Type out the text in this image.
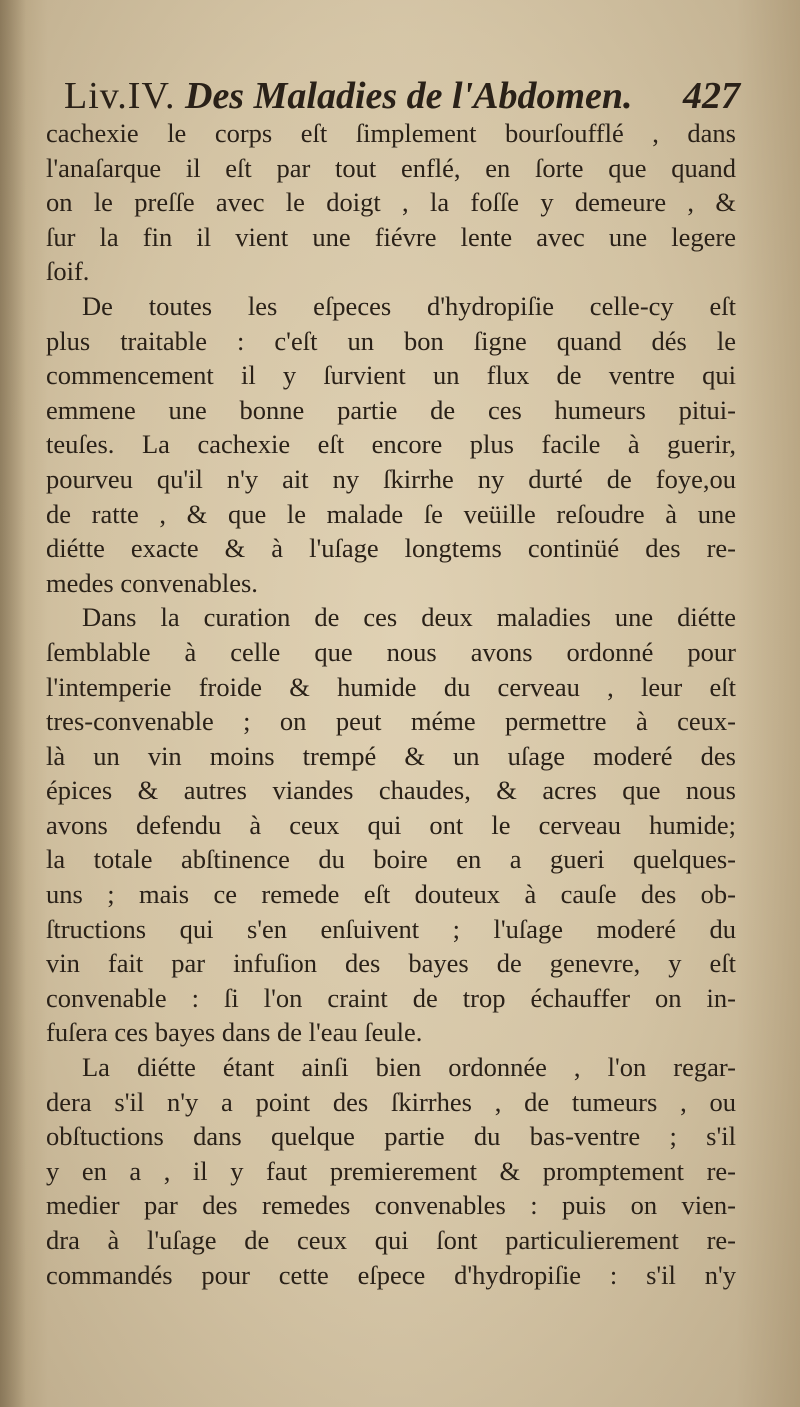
Liv.IV. Des Maladies de l'Abdomen. 427
cachexie le corps eſt ſimplement bourſoufflé , dans
l'anaſarque il eſt par tout enflé, en ſorte que quand
on le preſſe avec le doigt , la foſſe y demeure , &
ſur la fin il vient une fiévre lente avec une legere
ſoif.
De toutes les eſpeces d'hydropiſie celle-cy eſt
plus traitable : c'eſt un bon ſigne quand dés le
commencement il y ſurvient un flux de ventre qui
emmene une bonne partie de ces humeurs pitui-
teuſes. La cachexie eſt encore plus facile à guerir,
pourveu qu'il n'y ait ny ſkirrhe ny durté de foye,ou
de ratte , & que le malade ſe veüille reſoudre à une
diétte exacte & à l'uſage longtems continüé des re-
medes convenables.
Dans la curation de ces deux maladies une diétte
ſemblable à celle que nous avons ordonné pour
l'intemperie froide & humide du cerveau , leur eſt
tres-convenable ; on peut méme permettre à ceux-
là un vin moins trempé & un uſage moderé des
épices & autres viandes chaudes, & acres que nous
avons defendu à ceux qui ont le cerveau humide;
la totale abſtinence du boire en a gueri quelques-
uns ; mais ce remede eſt douteux à cauſe des ob-
ſtructions qui s'en enſuivent ; l'uſage moderé du
vin fait par infuſion des bayes de genevre, y eſt
convenable : ſi l'on craint de trop échauffer on in-
fuſera ces bayes dans de l'eau ſeule.
La diétte étant ainſi bien ordonnée , l'on regar-
dera s'il n'y a point des ſkirrhes , de tumeurs , ou
obſtuctions dans quelque partie du bas-ventre ; s'il
y en a , il y faut premierement & promptement re-
medier par des remedes convenables : puis on vien-
dra à l'uſage de ceux qui ſont particulierement re-
commandés pour cette eſpece d'hydropiſie : s'il n'y
